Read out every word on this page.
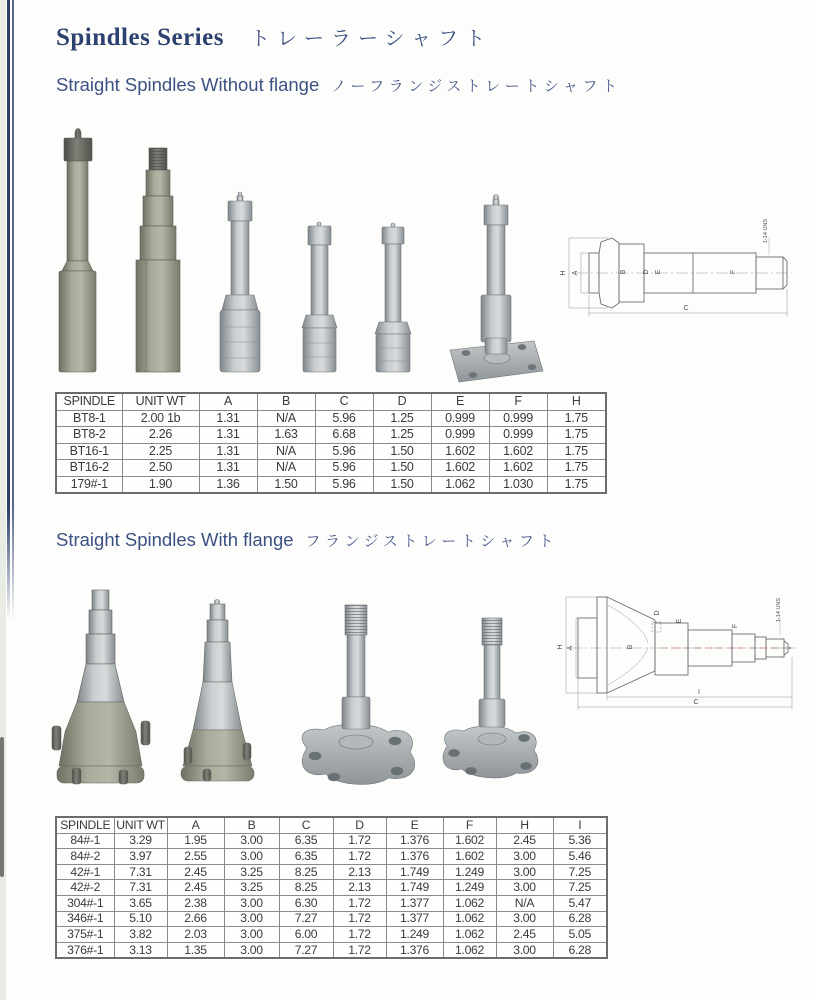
Spindles Series トレーラーシャフト
Straight Spindles Without flange ノーフランジストレートシャフト
H A	B D E	F
C
1-14 UNS
SPINDLE	UNIT WT	A	B	C	D	E	F	H
BT8-1	2.00 1b	1.31	N/A	5.96	1.25	0.999	0.999	1.75
BT8-2	2.26	1.31	1.63	6.68	1.25	0.999	0.999	1.75
BT16-1	2.25	1.31	N/A	5.96	1.50	1.602	1.602	1.75
BT16-2	2.50	1.31	N/A	5.96	1.50	1.602	1.602	1.75
179#-1	1.90	1.36	1.50	5.96	1.50	1.062	1.030	1.75
Straight Spindles With flange フランジストレートシャフト
H A	B
D
E
F
I
C
1-14 UNS
SPINDLE	UNIT WT	A	B	C	D	E	F	H	I
84#-1	3.29	1.95	3.00	6.35	1.72	1.376	1.602	2.45	5.36
84#-2	3.97	2.55	3.00	6.35	1.72	1.376	1.602	3.00	5.46
42#-1	7.31	2.45	3.25	8.25	2.13	1.749	1.249	3.00	7.25
42#-2	7.31	2.45	3.25	8.25	2.13	1.749	1.249	3.00	7.25
304#-1	3.65	2.38	3.00	6.30	1.72	1.377	1.062	N/A	5.47
346#-1	5.10	2.66	3.00	7.27	1.72	1.377	1.062	3.00	6.28
375#-1	3.82	2.03	3.00	6.00	1.72	1.249	1.062	2.45	5.05
376#-1	3.13	1.35	3.00	7.27	1.72	1.376	1.062	3.00	6.28
